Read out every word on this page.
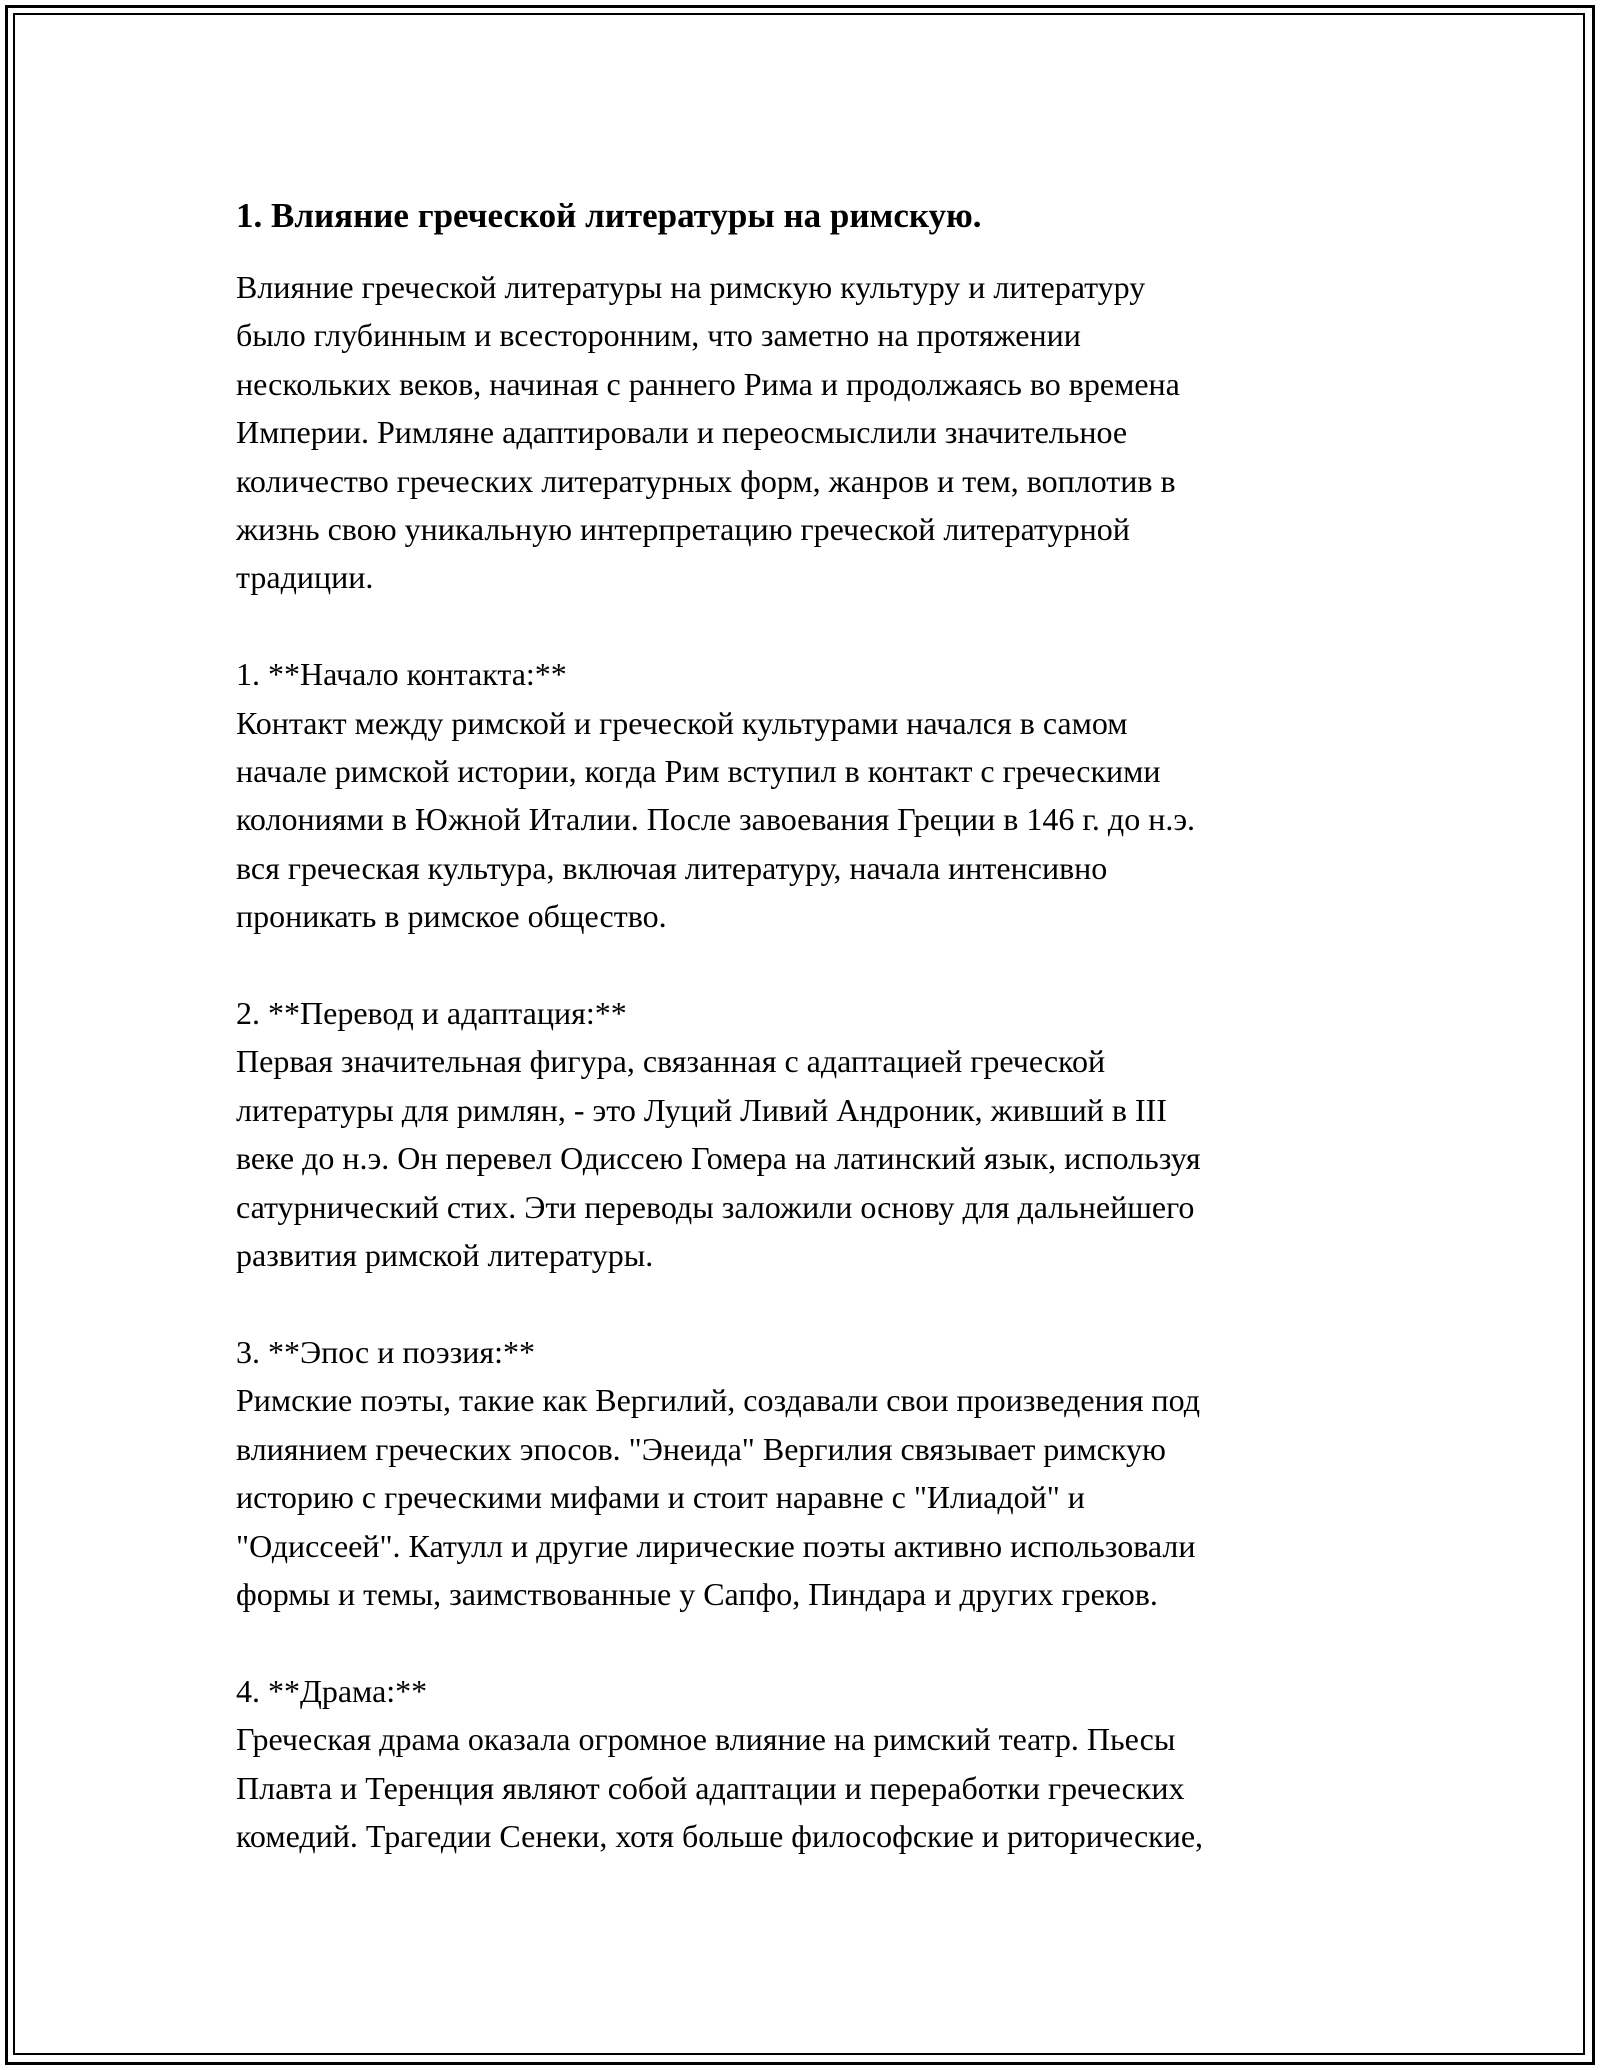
1. Влияние греческой литературы на римскую.

Влияние греческой литературы на римскую культуру и литературу
было глубинным и всесторонним, что заметно на протяжении
нескольких веков, начиная с раннего Рима и продолжаясь во времена
Империи. Римляне адаптировали и переосмыслили значительное
количество греческих литературных форм, жанров и тем, воплотив в
жизнь свою уникальную интерпретацию греческой литературной
традиции.

1. **Начало контакта:**

Контакт между римской и греческой культурами начался в самом
начале римской истории, когда Рим вступил в контакт с греческими
колониями в Южной Италии. После завоевания Греции в 146 г. до н.э.
вся греческая культура, включая литературу, начала интенсивно
проникать в римское общество.

2. **Перевод и адаптация:**

Первая значительная фигура, связанная с адаптацией греческой
литературы для римлян, - это Луций Ливий Андроник, живший в III
веке до н.э. Он перевел Одиссею Гомера на латинский язык, используя
сатурнический стих. Эти переводы заложили основу для дальнейшего
развития римской литературы.

3. **Эпос и поэзия:**

Римские поэты, такие как Вергилий, создавали свои произведения под
влиянием греческих эпосов. "Энеида" Вергилия связывает римскую
историю с греческими мифами и стоит наравне с "Илиадой" и
"Одиссеей". Катулл и другие лирические поэты активно использовали
формы и темы, заимствованные у Сапфо, Пиндара и других греков.

4. **Драма:**

Греческая драма оказала огромное влияние на римский театр. Пьесы
Плавта и Теренция являют собой адаптации и переработки греческих
комедий. Трагедии Сенеки, хотя больше философские и риторические,
